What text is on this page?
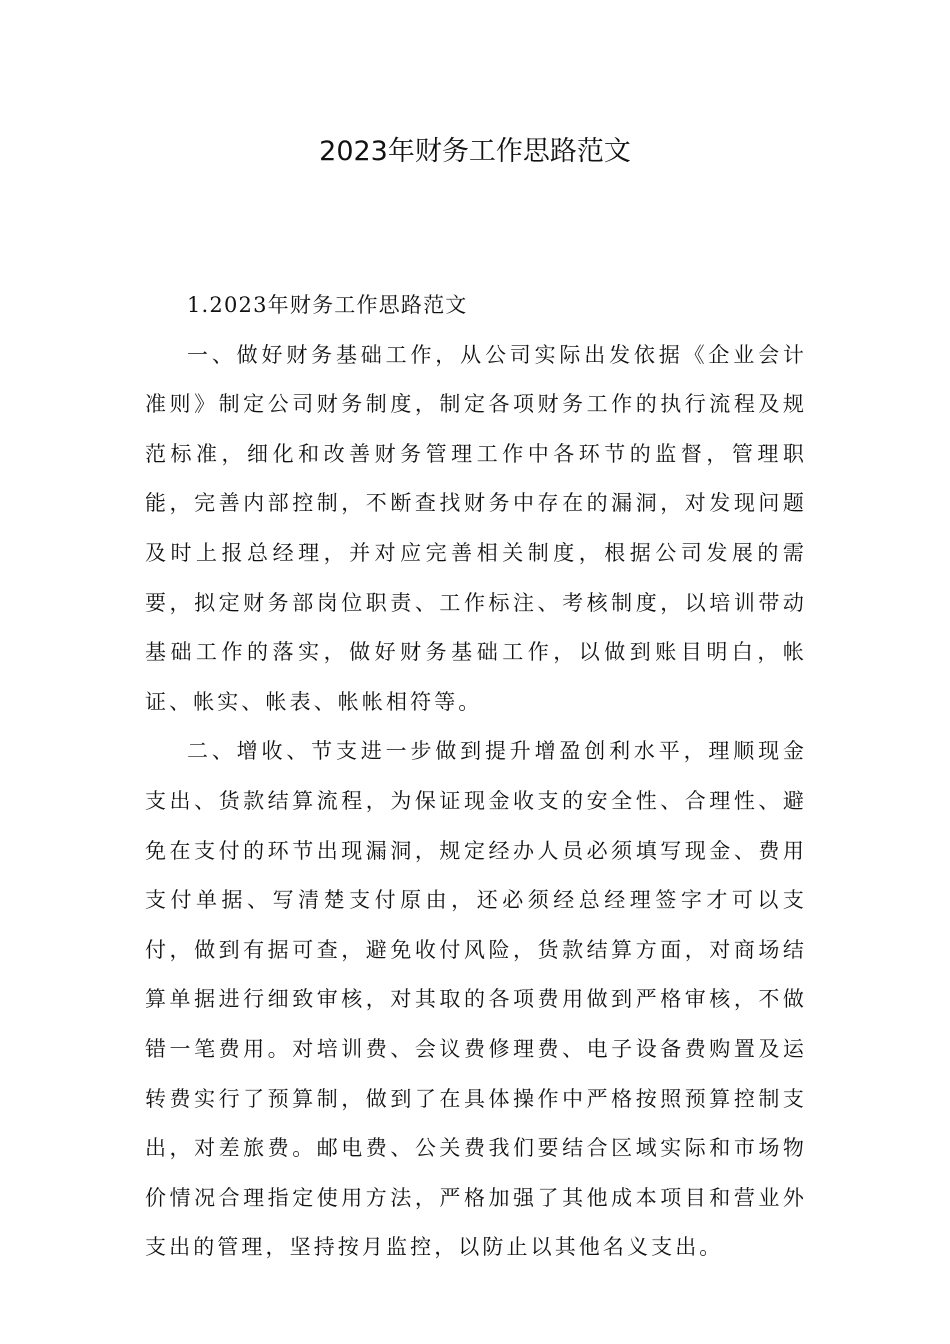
2023年财务工作思路范文

1.2023年财务工作思路范文

一、做好财务基础工作，从公司实际出发依据《企业会计准则》制定公司财务制度，制定各项财务工作的执行流程及规范标准，细化和改善财务管理工作中各环节的监督，管理职能，完善内部控制，不断查找财务中存在的漏洞，对发现问题及时上报总经理，并对应完善相关制度，根据公司发展的需要，拟定财务部岗位职责、工作标注、考核制度，以培训带动基础工作的落实，做好财务基础工作，以做到账目明白，帐证、帐实、帐表、帐帐相符等。

二、增收、节支进一步做到提升增盈创利水平，理顺现金支出、货款结算流程，为保证现金收支的安全性、合理性、避免在支付的环节出现漏洞，规定经办人员必须填写现金、费用支付单据、写清楚支付原由，还必须经总经理签字才可以支付，做到有据可查，避免收付风险，货款结算方面，对商场结算单据进行细致审核，对其取的各项费用做到严格审核，不做错一笔费用。对培训费、会议费修理费、电子设备费购置及运转费实行了预算制，做到了在具体操作中严格按照预算控制支出，对差旅费。邮电费、公关费我们要结合区域实际和市场物价情况合理指定使用方法，严格加强了其他成本项目和营业外支出的管理，坚持按月监控，以防止以其他名义支出。
